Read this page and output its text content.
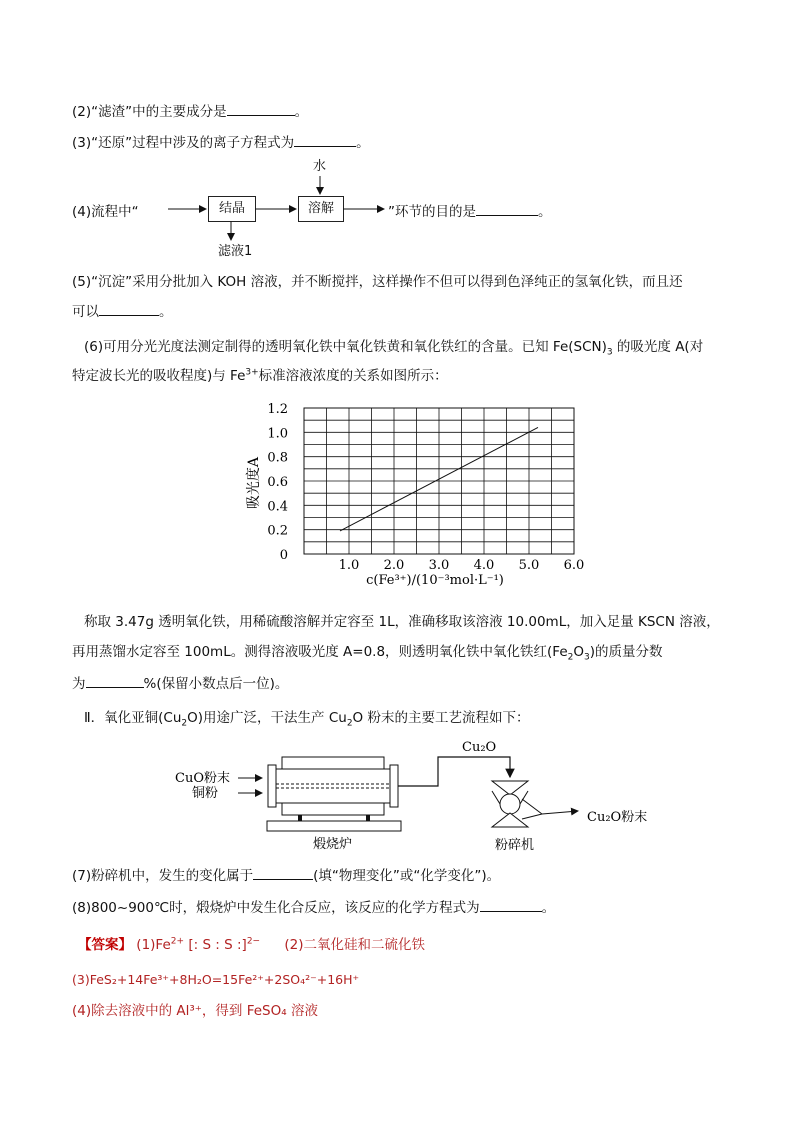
(2)“滤渣”中的主要成分是	。
(3)“还原”过程中涉及的离子方程式为	。
(4)流程中“	结晶	溶解
水
滤液1
”环节的目的是	。
(5)“沉淀”采用分批加入 KOH 溶液，并不断搅拌，这样操作不但可以得到色泽纯正的氢氧化铁，而且还
可以	。
(6)可用分光光度法测定制得的透明氧化铁中氧化铁黄和氧化铁红的含量。已知 $Fe(SCN)_3$ 的吸光度 A(对
特定波长光的吸收程度)与 $Fe^{3+}$标准溶液浓度的关系如图所示：
0
0.2
0.4
0.6
0.8
1.0
1.2
1.0 2.0 3.0 4.0 5.0 6.0
吸光度A
c(Fe³⁺)/(10⁻³mol·L⁻¹)
称取 3.47g 透明氧化铁，用稀硫酸溶解并定容至 1L，准确移取该溶液 10.00mL，加入足量 KSCN 溶液，
再用蒸馏水定容至 100mL。测得溶液吸光度 A=0.8，则透明氧化铁中氧化铁红$(Fe_2O_3)$的质量分数
为	%(保留小数点后一位)。
Ⅱ．氧化亚铜$(Cu_2O)$用途广泛，干法生产 $Cu_2O$ 粉末的主要工艺流程如下：
CuO粉末
铜粉
煅烧炉
Cu₂O
Cu₂O粉末
粉碎机
(7)粉碎机中，发生的变化属于	(填“物理变化”或“化学变化”)。
(8)800~900℃时，煅烧炉中发生化合反应，该反应的化学方程式为	。
【答案】 $(1)Fe^{2+}$ [: S : S :]$^{2-}$ (2)二氧化硅和二硫化铁
(3)FeS₂+14Fe³⁺+8H₂O=15Fe²⁺+2SO₄²⁻+16H⁺
(4)除去溶液中的 Al³⁺，得到 FeSO₄ 溶液
